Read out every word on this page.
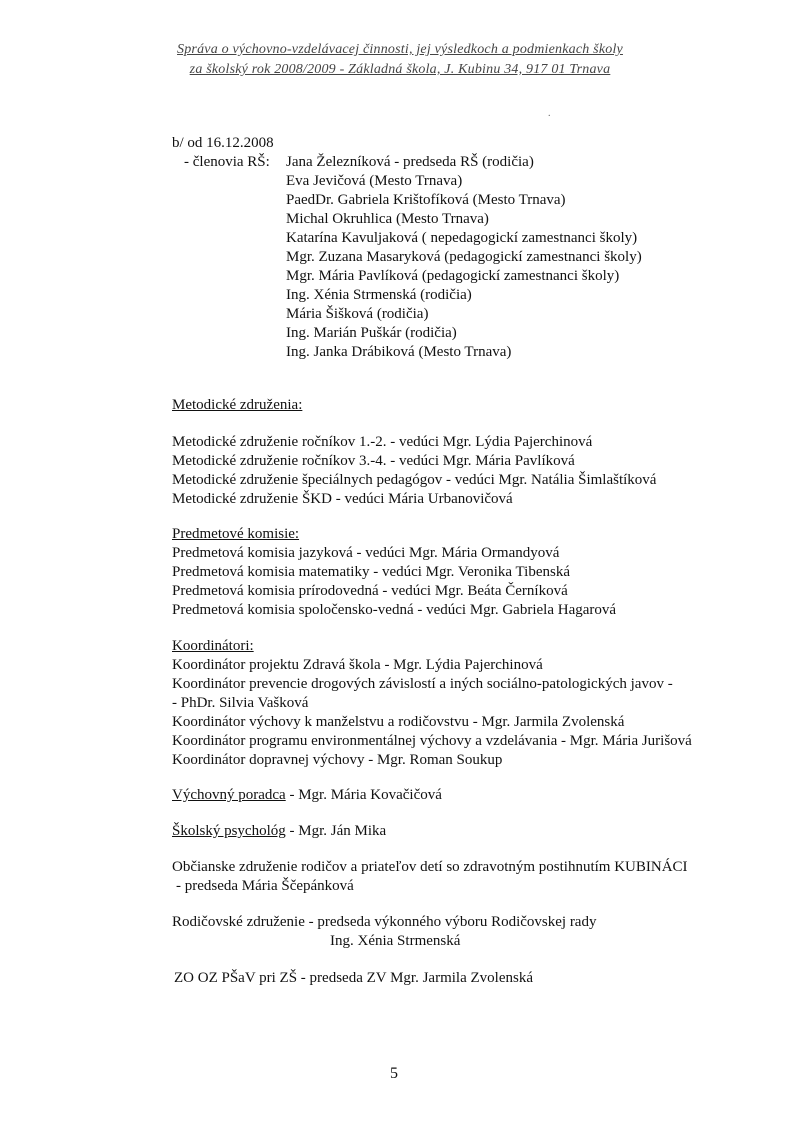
Správa o výchovno-vzdelávacej činnosti, jej výsledkoch a podmienkach školy
za školský rok 2008/2009 - Základná škola, J. Kubinu 34, 917 01 Trnava
.
b/ od 16.12.2008
- členovia RŠ: Jana Železníková - predseda RŠ (rodičia)
Eva Jevičová (Mesto Trnava)
PaedDr. Gabriela Krištofíková (Mesto Trnava)
Michal Okruhlica (Mesto Trnava)
Katarína Kavuljaková ( nepedagogickí zamestnanci školy)
Mgr. Zuzana Masaryková (pedagogickí zamestnanci školy)
Mgr. Mária Pavlíková (pedagogickí zamestnanci školy)
Ing. Xénia Strmenská (rodičia)
Mária Šišková (rodičia)
Ing. Marián Puškár (rodičia)
Ing. Janka Drábiková (Mesto Trnava)
Metodické združenia:
Metodické združenie ročníkov 1.-2. - vedúci Mgr. Lýdia Pajerchinová
Metodické združenie ročníkov 3.-4. - vedúci Mgr. Mária Pavlíková
Metodické združenie špeciálnych pedagógov - vedúci Mgr. Natália Šimlaštíková
Metodické združenie ŠKD - vedúci Mária Urbanovičová
Predmetové komisie:
Predmetová komisia jazyková - vedúci Mgr. Mária Ormandyová
Predmetová komisia matematiky - vedúci Mgr. Veronika Tibenská
Predmetová komisia prírodovedná - vedúci Mgr. Beáta Černíková
Predmetová komisia spoločensko-vedná - vedúci Mgr. Gabriela Hagarová
Koordinátori:
Koordinátor projektu Zdravá škola - Mgr. Lýdia Pajerchinová
Koordinátor prevencie drogových závislostí a iných sociálno-patologických javov -
- PhDr. Silvia Vašková
Koordinátor výchovy k manželstvu a rodičovstvu - Mgr. Jarmila Zvolenská
Koordinátor programu environmentálnej výchovy a vzdelávania - Mgr. Mária Jurišová
Koordinátor dopravnej výchovy - Mgr. Roman Soukup
Výchovný poradca - Mgr. Mária Kovačičová
Školský psychológ - Mgr. Ján Mika
Občianske združenie rodičov a priateľov detí so zdravotným postihnutím KUBINÁCI
- predseda Mária Ščepánková
Rodičovské združenie - predseda výkonného výboru Rodičovskej rady
Ing. Xénia Strmenská
ZO OZ PŠaV pri ZŠ - predseda ZV Mgr. Jarmila Zvolenská
5
